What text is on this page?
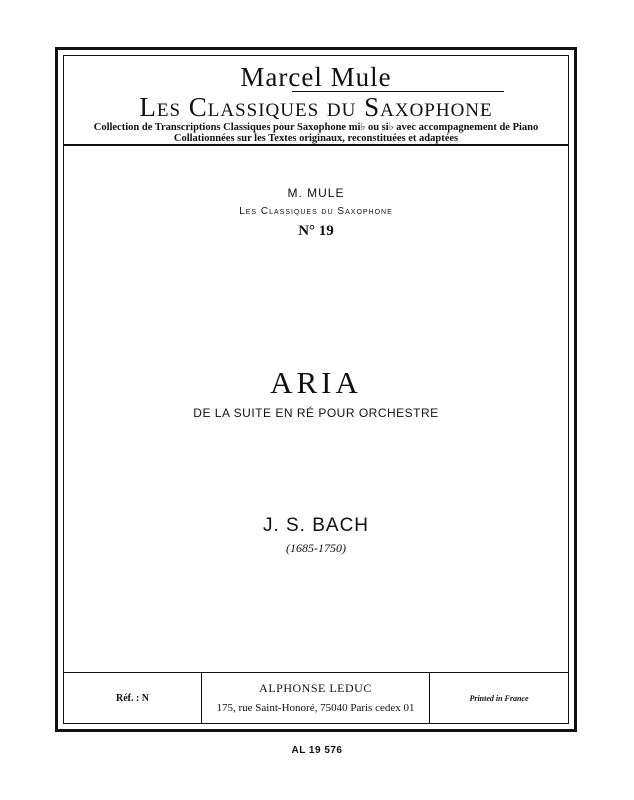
Marcel Mule
Les Classiques du Saxophone
Collection de Transcriptions Classiques pour Saxophone mi♭ ou si♭ avec accompagnement de Piano
Collationnées sur les Textes originaux, reconstituées et adaptées
M. MULE
Les Classiques du Saxophone
N° 19
ARIA
DE LA SUITE EN RÉ POUR ORCHESTRE
J. S. BACH
(1685-1750)
Réf. : N
ALPHONSE LEDUC
175, rue Saint-Honoré, 75040 Paris cedex 01
Printed in France
AL 19 576
